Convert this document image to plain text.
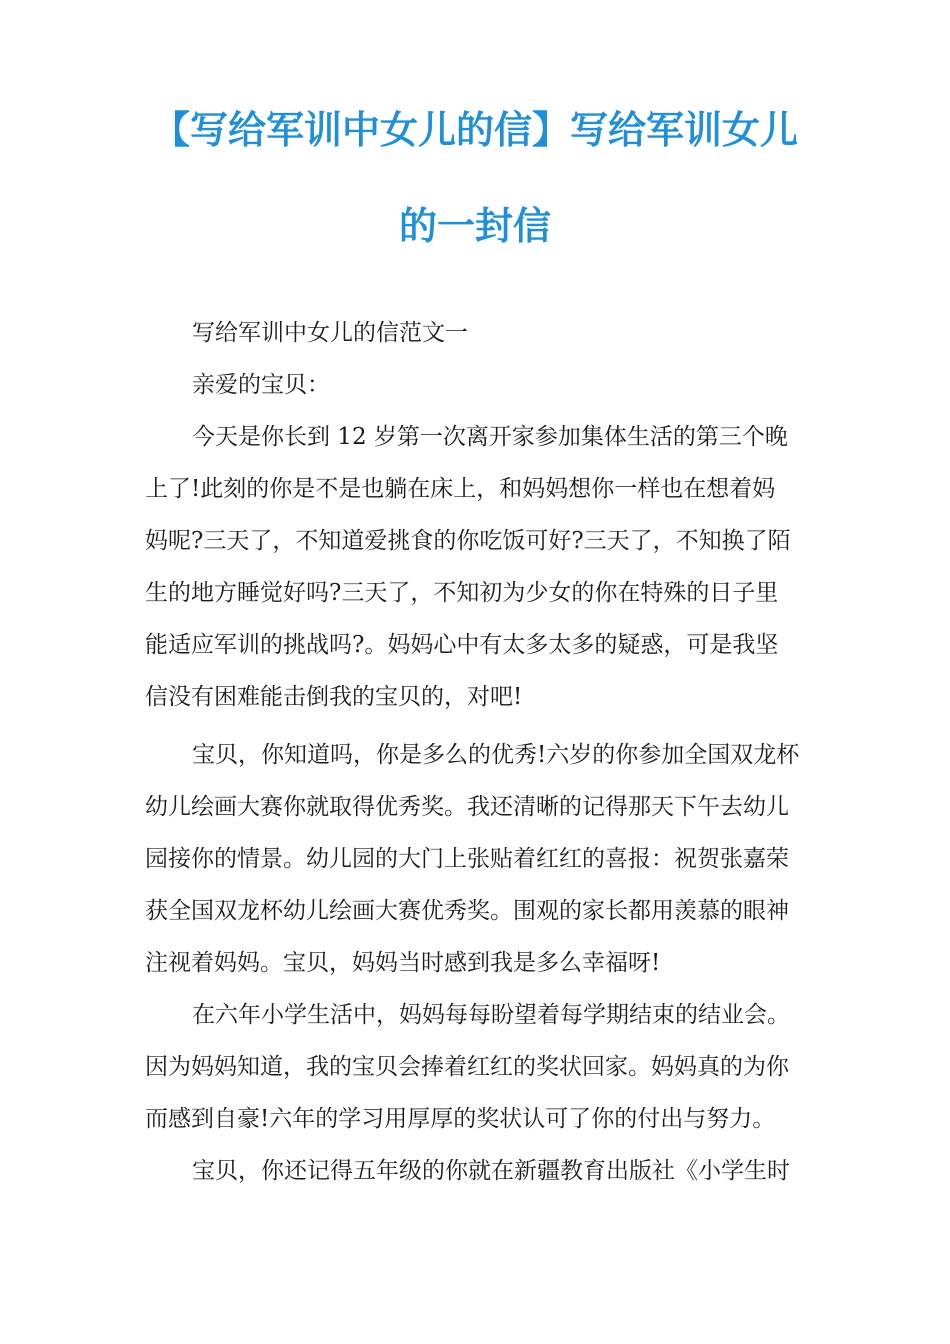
【写给军训中女儿的信】写给军训女儿
的一封信
写给军训中女儿的信范文一
亲爱的宝贝：
今天是你长到 12 岁第一次离开家参加集体生活的第三个晚
上了!此刻的你是不是也躺在床上，和妈妈想你一样也在想着妈
妈呢?三天了，不知道爱挑食的你吃饭可好?三天了，不知换了陌
生的地方睡觉好吗?三天了，不知初为少女的你在特殊的日子里
能适应军训的挑战吗?。妈妈心中有太多太多的疑惑，可是我坚
信没有困难能击倒我的宝贝的，对吧!
宝贝，你知道吗，你是多么的优秀!六岁的你参加全国双龙杯
幼儿绘画大赛你就取得优秀奖。我还清晰的记得那天下午去幼儿
园接你的情景。幼儿园的大门上张贴着红红的喜报：祝贺张嘉荣
获全国双龙杯幼儿绘画大赛优秀奖。围观的家长都用羡慕的眼神
注视着妈妈。宝贝，妈妈当时感到我是多么幸福呀!
在六年小学生活中，妈妈每每盼望着每学期结束的结业会。
因为妈妈知道，我的宝贝会捧着红红的奖状回家。妈妈真的为你
而感到自豪!六年的学习用厚厚的奖状认可了你的付出与努力。
宝贝，你还记得五年级的你就在新疆教育出版社《小学生时
